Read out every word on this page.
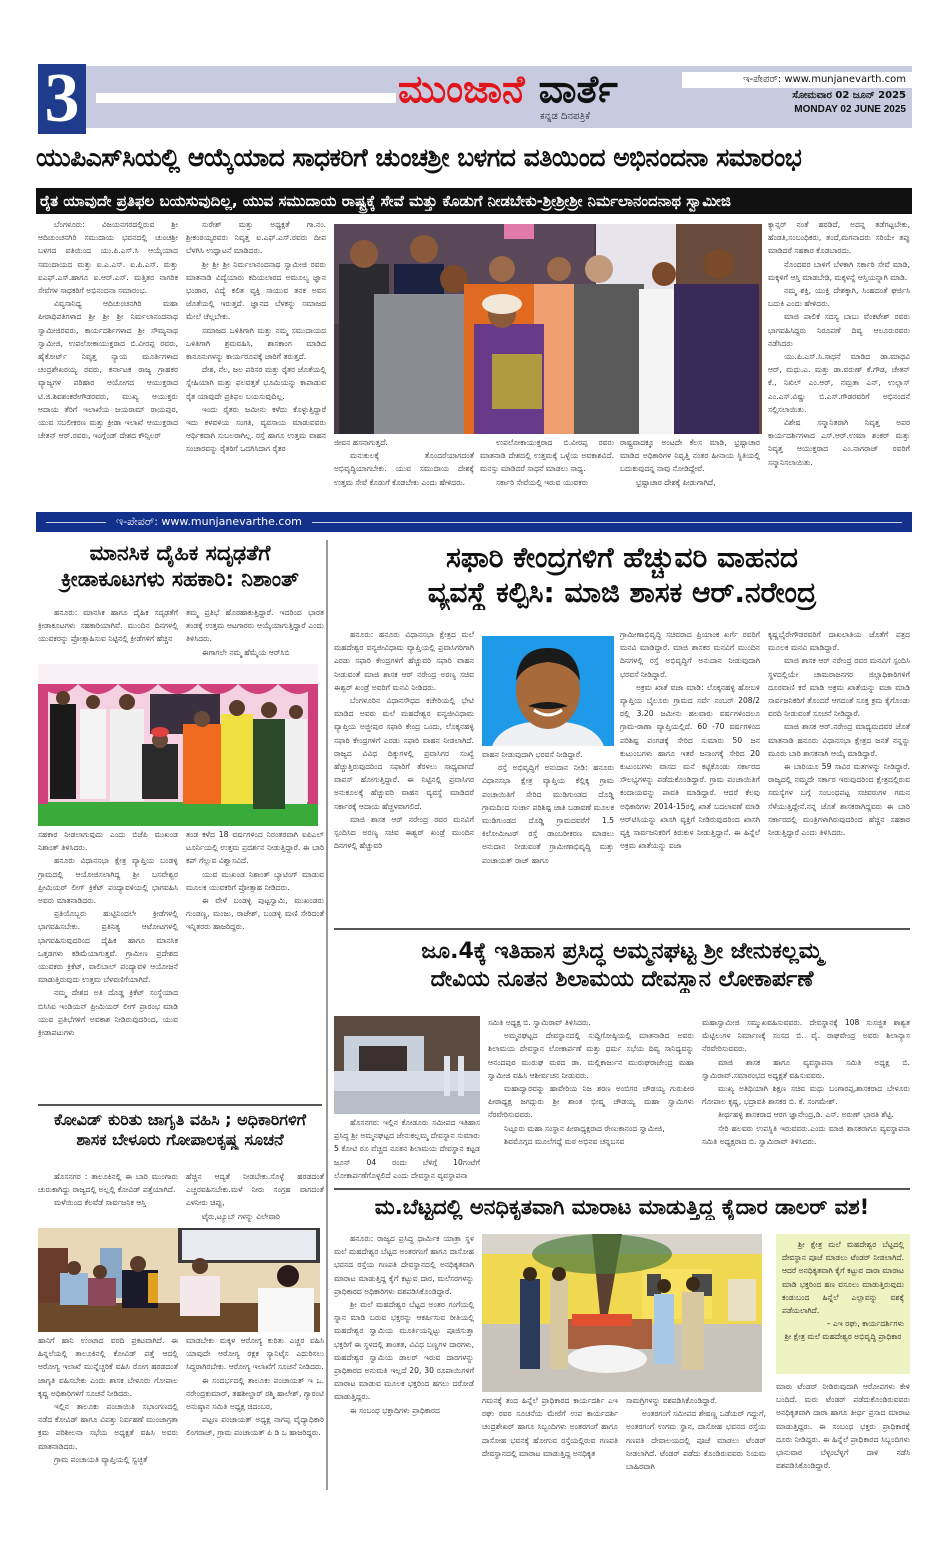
3	ಮುಂಜಾನೆ ವಾರ್ತೆ
ಕನ್ನಡ ದಿನಪತ್ರಿಕೆ
ಇ-ಪೇಪರ್: www.munjanevarth.com
ಸೋಮವಾರ 02 ಜೂನ್ 2025
MONDAY 02 JUNE 2025
ಯುಪಿಎಸ್‌ಸಿಯಲ್ಲಿ ಆಯ್ಕೆಯಾದ ಸಾಧಕರಿಗೆ ಚುಂಚಶ್ರೀ ಬಳಗದ ವತಿಯಿಂದ ಅಭಿನಂದನಾ ಸಮಾರಂಭ
ರೈತ ಯಾವುದೇ ಪ್ರತಿಫಲ ಬಯಸುವುದಿಲ್ಲ, ಯುವ ಸಮುದಾಯ ರಾಷ್ಟ್ರಕ್ಕೆ ಸೇವೆ ಮತ್ತು ಕೊಡುಗೆ ನೀಡಬೇಕು-ಶ್ರೀಶ್ರೀಶ್ರೀ ನಿರ್ಮಲಾನಂದನಾಥ ಸ್ವಾಮೀಜಿ

ಬೆಂಗಳೂರು: ವಿಜಯನಗರದಲ್ಲಿರುವ ಶ್ರೀ ಆದಿಚುಂಚನಗಿರಿ ಸಮುದಾಯ ಭವನದಲ್ಲಿ ಚುಂಚಶ್ರೀ ಬಳಗದ ವತಿಯಿಂದ ಯು.ಪಿ.ಎಸ್.ಸಿ ಆಯ್ಕೆಯಾದ ಸಮುದಾಯದ ಮತ್ತು ಐ.ಎ.ಎಸ್. ಐ.ಪಿ.ಎಸ್. ಮತ್ತು ಐಎಫ್.ಎಸ್.ಹಾಗೂ ಐ.ಆರ್.ಎಸ್. ಮತ್ತಿತರ ನಾಗರಿಕ ಸೇವೆಗಳ ಸಾಧಕರಿಗೆ ಅಭಿನಂದನಾ ಸಮಾರಂಭ.

ವಿವ್ಯಸಾನಿಧ್ಯ ಆದಿಚುಂಚನಗಿರಿ ಮಹಾ ಪೀಠಾಧಿಪತಿಗಳಾದ ಶ್ರೀ ಶ್ರೀ ಶ್ರೀ ನಿರ್ಮಲಾನಂದನಾಥ ಸ್ವಾಮೀಜಿರವರು, ಕಾರ್ಯದರ್ಶಿಗಳಾದ ಶ್ರೀ ಸೌಮ್ಯನಾಥ ಸ್ವಾಮೀಜಿ, ಉಪಲೋಕಾಯುಕ್ತರಾದ ಬಿ.ವೀರಪ್ಪ ರವರು, ಹೈಕೋರ್ಟ್ ನಿವೃತ್ತ ನ್ಯಾಯ ಮೂರ್ತಿಗಳಾದ ಚಂದ್ರಶೇಖರಯ್ಯ ರವರು, ಕರ್ನಾಟಕ ರಾಜ್ಯ ಗ್ರಾಹಕರ ವ್ಯಾಜ್ಯಗಳ ಪರಿಹಾರ ಆಯೋಗದ ಆಯುಕ್ತರಾದ ಟಿ.ಜಿ.ಶಿವಶಂಕರೇಗೌಡರವರು, ಮುಖ್ಯ ಆಯುಕ್ತರು ಆದಾಯ ತೆರಿಗೆ ಇಲಾಖೆಯ ಜಯರಾಮ್ ರಾಯಪುರ, ಯುವ ಸಬಲೀಕರಣ ಮತ್ತು ಕ್ರೀಡಾ ಇಲಾಖೆ ಆಯುಕ್ತರಾದ ಚೇತನ್ ಆರ್.ರವರು, ಇಂಗ್ಲೆಂಡ್ ದೇಶದ ಕೌನ್ಸಿಲರ್

ಸುರೇಶ್ ಮತ್ತು ಅಧ್ಯಕ್ಷತೆ ಗಾ.ನಂ. ಶ್ರೀಕಂಠಯ್ಯರವರು ನಿವೃತ್ತ ಐ.ಎಫ್.ಎಸ್.ರವರು ದೀಪ ಬೆಳಗಿಸಿ ಉದ್ಘಾಟನೆ ಮಾಡಿದರು.

ಶ್ರೀ ಶ್ರೀ ಶ್ರೀ ನಿರ್ಮಲಾನಂದನಾಥ ಸ್ವಾಮೀಜಿ ರವರು ಮಾತನಾಡಿ ವಿದ್ಯೆಯಾರು ಕದಿಯಲಾರದ ಅಮೂಲ್ಯ ಜ್ಞಾನ ಭಂಡಾರ, ವಿದ್ಯೆ ಕಲಿತ ವ್ಯಕ್ತಿ ಸಾಯುವ ತನಕ ಅವನ ಜೊತೆಯಲ್ಲಿ ಇರುತ್ತದೆ. ಜ್ಞಾನದ ಬೆಳಕನ್ನು ಸಮಾಜದ ಮೇಲೆ ಚೆಲ್ಲಬೇಕು.

ಸಮಾಜದ ಒಳಿತಿಗಾಗಿ ಮತ್ತು ನಮ್ಮ ಸಮುದಾಯದ ಒಳಿತಿಗಾಗಿ ಶ್ರಮವಹಿಸಿ, ಶಾಸಕಾಂಗ ಮಾಡಿದ ಕಾನೂನುಗಳನ್ನು ಕಾರ್ಯರೂಪಕ್ಕೆ ಜಾರಿಗೆ ತರುತ್ತದೆ.

ದೇಶ, ನೆಲ, ಜಲ ಪರಿಸರ ಮತ್ತು ರೈತರ ಜೊತೆಯಲ್ಲಿ ಸ್ನೇಹಿಯಾಗಿ ಮತ್ತು ಫಲವತ್ತತೆ ಭೂಮಿಯನ್ನು ಕಾಪಾಡುವ ರೈತ ಯಾವುದೇ ಪ್ರತಿಫಲ ಬಯಸುವುದಿಲ್ಲ.

ಇಂದು ರೈತರು ಜಮೀನು ಕಳೆದು ಕೊಳ್ಳುತ್ತಿದ್ದಾರೆ ಇದು ಕಳವಳಿಯ ಸಂಗತಿ, ವ್ಯವಸಾಯ ಮಾಡುವವರು ಆರ್ಥಿಕವಾಗಿ ಸುಬಲರಾಗಿಲ್ಲ. ರಸ್ತೆ ಹಾಗೂ ಉತ್ತಮ ವಾಹನ ಸಂಚಾರವನ್ನು ರೈತರಿಗೆ ಒದಗಿಸಿದಾಗ ರೈತರ

ಜೀವನ ಹಸನಾಗುತ್ತದೆ.

ಮನುಕುಲಕ್ಕೆ ತೊಂದರೆಯಾಗದಂತೆ ಅಭಿವೃದ್ಧಿಯಾಗಬೇಕು. ಯುವ ಸಮುದಾಯ ದೇಶಕ್ಕೆ ಉತ್ತಮ ಸೇವೆ ಕೊಡುಗೆ ಕೊಡಬೇಕು ಎಂದು ಹೇಳಿದರು.

ಉಪಲೋಕಾಯುಕ್ತರಾದ ಬಿ.ವೀರಪ್ಪ ರವರು ಮಾತನಾಡಿ ದೇಶದಲ್ಲಿ ಉತ್ತಮಕ್ಕೆ ಒಳ್ಳೆಯ ಅವಕಾಶವಿದೆ. ಮನಸ್ಸು ಮಾಡಿದರೆ ಸಾಧನೆ ಮಾಡಲು ಸಾಧ್ಯ.

ಸರ್ಕಾರಿ ಸೇವೆಯಲ್ಲಿ ಇರುವ ಯುವಕರು

ರಾಷ್ಟ್ರವಾದಕ್ಕೂ ಅಂಟದೇ ಕೆಲಸ ಮಾಡಿ, ಭ್ರಷ್ಟಾಚಾರ ಮಾಡಿದ ಅಧಿಕಾರಿಗಳ ನಿವೃತ್ತಿ ನಂತರ ಹೀನಾಯ ಸ್ಥಿತಿಯಲ್ಲಿ ಬದುಕುವುದನ್ನ ನಾವು ನೋಡಿದ್ದೇವೆ.

ಭ್ರಷ್ಟಾಚಾರ ದೇಶಕ್ಕೆ ಪೀಡುಗಾಗಿದೆ,

ಕ್ಯಾನ್ಸರ್ ನಂತೆ ಹರಡಿದೆ, ಅದನ್ನ ತಡೆಗಟ್ಟಬೇಕು, ಹೆಂಡತಿ,ಸಂಬಂಧಿಕರು, ತಂದೆ,ಮಗನಾದರು ಸರಿಯೇ ತಪ್ಪು ಮಾಡಿದರೆ ಸಹಕಾರ ಕೊಡಬಾರದು.

ನೊಂದವರ ಬಾಳಿಗೆ ಬೆಳಕಾಗಿ ಸರ್ಕಾರಿ ಸೇವೆ ಮಾಡಿ, ಮಕ್ಕಳಿಗೆ ಆಸ್ತಿ ಮಾಡಬೇಡಿ, ಮಕ್ಕಳನ್ನೆ ಆಸ್ತಿಯನ್ನಾಗಿ ಮಾಡಿ.

ನಮ್ಮ ಶಕ್ತಿ, ಯುಕ್ತಿ ದೇಶಕ್ಕಾಗಿ, ಸಿಂಹದಂತೆ ಘರ್ಜಿಸಿ ಬದುಕಿ ಎಂದು ಹೇಳಿದರು.

ಮಾಜಿ ಪಾಲಿಕೆ ಸದಸ್ಯ ಬಾಬು ವೆಂಕಟೇಶ್ ರವರು ಭಾಗವಹಿಸಿದ್ದರು ನಿರೂಪಣೆ ದಿವ್ಯ ಆಲೂರುರವರು ನಡೆಸಿದರು

ಯು.ಪಿ.ಎಸ್.ಸಿ.ಸಾಧನೆ ಮಾಡಿದ ಡಾ.ಮಾಧವಿ ಆರ್, ಮಧು.ಎ. ಮತ್ತು ಡಾ.ವರುಣ್ ಕೆ.ಗೌಡ, ಚೇತನ್ ಕೆ., ನಿಖಿಲ್ ಎಂ.ಆರ್, ನಮ್ರತಾ ಎನ್, ಉಲ್ಲಾಸ್ ಎಂ.ಎಸ್.ವಿಷ್ಣು ಬಿ.ಎಸ್.ಗೌಡರವರಿಗೆ ಅಭಿನಂದನೆ ಸಲ್ಲಿಸಲಾಯಿತು.

ವಿಶೇಷ ಸನ್ಮಾನಿತರಾಗಿ ನಿವೃತ್ತ ಅಪರ ಕಾರ್ಯದರ್ಶಿಗಳಾದ ಎಸ್.ಆರ್.ಉಮಾ ಶಂಕರ್ ಮತ್ತು ನಿವೃತ್ತ ಆಯುಕ್ತರಾದ ಎಂ.ನಾಗರಾಜ್ ರವರಿಗೆ ಸನ್ಮಾನಿಸಲಾಯಿತು.

ಇ-ಪೇಪರ್: www.munjanevarthe.com
ಮಾನಸಿಕ ದೈಹಿಕ ಸದೃಢತೆಗೆ
ಕ್ರೀಡಾಕೂಟಗಳು ಸಹಕಾರಿ: ನಿಶಾಂತ್

ಹನೂರು: ಮಾನಸಿಕ ಹಾಗೂ ದೈಹಿಕ ಸದೃಢತೆಗೆ ಕ್ರೀಡಾಕೂಟಗಳು ಸಹಕಾರಿಯಾಗಿವೆ. ಮುಂದಿನ ದಿನಗಳಲ್ಲಿ ಯುವಕರನ್ನು ಪ್ರೋತ್ಸಾಹಿಸುವ ನಿಟ್ಟಿನಲ್ಲಿ ಕ್ರೀಡೆಗಳಿಗೆ ಹೆಚ್ಚಿನ

ತಮ್ಮ ಪ್ರತಿಭೆ ಹೊರಹಾಕುತ್ತಿದ್ದಾರೆ. ಇದರಿಂದ ಭಾರತ ತಂಡಕ್ಕೆ ಉತ್ತಮ ಆಟಗಾರರು ಆಯ್ಕೆಯಾಗುತ್ತಿದ್ದಾರೆ ಎಂದು ತಿಳಿಸಿದರು.

ಈಗಾಗಲೇ ನಮ್ಮ ಹೆಮ್ಮೆಯ ಆರ್‌ಸಿಬಿ

ಸಹಕಾರ ನೀಡಲಾಗುವುದು ಎಂದು ಬಿಜೆಪಿ ಮುಖಂಡ ನಿಶಾಂತ್ ತಿಳಿಸಿದರು.

ಹನೂರು ವಿಧಾನಸಭಾ ಕ್ಷೇತ್ರ ವ್ಯಾಪ್ತಿಯ ಬಂಡಳ್ಳಿ ಗ್ರಾಮದಲ್ಲಿ ಆಯೋಜಿಸಲಾಗಿದ್ದ ಶ್ರೀ ಬಸವೇಶ್ವರ ಪ್ರೀಮಿಯರ್ ಲೀಗ್ ಕ್ರಿಕೆಟ್ ಪಂದ್ಯಾವಳಿಯಲ್ಲಿ ಭಾಗವಹಿಸಿ ಅವರು ಮಾತನಾಡಿದರು.

ಪ್ರತಿಯೊಬ್ಬರು ಹುಟ್ಟಿನಿಂದಲೇ ಕ್ರೀಡೆಗಳಲ್ಲಿ ಭಾಗವಹಿಸಬೇಕು. ಪ್ರತಿನಿತ್ಯ ಆಟೋಟಗಳಲ್ಲಿ ಭಾಗವಹಿಸುವುದರಿಂದ ದೈಹಿಕ ಹಾಗೂ ಮಾನಸಿಕ ಒತ್ತಡಗಳು ಕಡಿಮೆಯಾಗುತ್ತವೆ. ಗ್ರಾಮೀಣ ಪ್ರದೇಶದ ಯುವಕರು ಕ್ರಿಕೆಟ್, ವಾಲಿಬಾಲ್ ಪಂದ್ಯಾವಳಿ ಆಯೋಜನೆ ಮಾಡುತ್ತಿರುವುದು ಉತ್ತಮ ಬೆಳವಣಿಗೆಯಾಗಿದೆ.

ನಮ್ಮ ದೇಶದ ಅತಿ ದೊಡ್ಡ ಕ್ರಿಕೆಟ್ ಸಂಸ್ಥೆಯಾದ ಬಿಸಿಸಿಐ ಇಂಡಿಯನ್ ಪ್ರೀಮಿಯರ್ ಲೀಗ್ ಪ್ರಾರಂಭ ಮಾಡಿ ಯುವ ಪ್ರತಿಭೆಗಳಿಗೆ ಅವಕಾಶ ನೀಡಿರುವುದರಿಂದ, ಯುವ ಕ್ರೀಡಾಪಟುಗಳು

ತಂಡ ಕಳೆದ 18 ವರ್ಷಗಳಿಂದ ನಿರಂತರವಾಗಿ ಐಪಿಎಲ್ ಟೂರ್ನಿಯಲ್ಲಿ ಉತ್ತಮ ಪ್ರದರ್ಶನ ನೀಡುತ್ತಿದ್ದಾರೆ. ಈ ಬಾರಿ ಕಪ್ ಗೆಲ್ಲುವ ವಿಶ್ವಾಸವಿದೆ.

ಯುವ ಮುಖಂಡ ನಿಶಾಂತ್ ಬ್ಯಾಟಿಂಗ್ ಮಾಡುವ ಮೂಲಕ ಯುವಕರಿಗೆ ಪ್ರೋತ್ಸಾಹ ನೀಡಿದರು.

ಈ ವೇಳೆ ಬಂಡಳ್ಳಿ ಪುಟ್ಟಸ್ವಾಮಿ, ಮುಖಂಡರು ಗುಂಡಣ್ಣ, ಮಂಜು, ರಾಜೇಶ್, ಬಂಡಳ್ಳಿ ಮಣಿ ಸೇರಿದಂತೆ ಇನ್ನಿತರರು ಹಾಜರಿದ್ದರು.

ಕೋವಿಡ್ ಕುರಿತು ಜಾಗೃತಿ ವಹಿಸಿ ; ಅಧಿಕಾರಿಗಳಿಗೆ
ಶಾಸಕ ಬೇಳೂರು ಗೋಪಾಲಕೃಷ್ಣ ಸೂಚನೆ

ಹೊಸನಗರ : ತಾಲೂಕಿನಲ್ಲಿ ಈ ಬಾರಿ ಮುಂಗಾರು ಚುರುಕಾಗಿದ್ದು ರಾಜ್ಯದಲ್ಲಿ ಅಲ್ಲಲ್ಲಿ ಕೋವಿಡ್ ಪತ್ತೆಯಾಗಿದೆ.

ಮಳೆಯಿಂದ ಕೆಲವೆಡೆ ಸಾರ್ವಜನಿಕ ಆಸ್ತಿ

ಹೆಚ್ಚಿನ ಆದ್ಯತೆ ನೀಡಬೇಕು.ಸೊಳ್ಳೆ ಹರಡದಂತೆ ಎಚ್ಚರವಹಿಸಬೇಕು.ಮಳೆ ನೀರು ಸಂಗ್ರಹ ವಾಗದಂತೆ ಎಳನೀರು ಚಿಪ್ಪು,

ಟೈರು,ಟ್ಯೂಬ್ ಗಳನ್ನು ವಿಲೇವಾರಿ

ಹಾನಿಗೆ ಹಾನಿ ಉಂಟಾದ ವರದಿ ಪ್ರಕಟವಾಗಿದೆ. ಈ ಹಿನ್ನಲೆಯಲ್ಲಿ ತಾಲೂಕಿನಲ್ಲಿ ಕೋವಿಡ್ ಪತ್ತೆ ಆದಲ್ಲಿ ಆರೋಗ್ಯ ಇಲಾಖೆ ಮುನ್ನೆಚ್ಚರಿಕೆ ವಹಿಸಿ ರೋಗ ಹರಡದಂತೆ ಜಾಗೃತಿ ವಹಿಸಬೇಕು ಎಂದು ಶಾಸಕ ಬೇಳೂರು ಗೋಪಾಲ ಕೃಷ್ಣ ಅಧಿಕಾರಿಗಳಿಗೆ ಸೂಚನೆ ನೀಡಿದರು.

ಇಲ್ಲಿನ ತಾಲೂಕು ಪಂಚಾಯಿತಿ ಸಭಾಂಗಣದಲ್ಲಿ ನಡೆದ ಕೋವಿಡ್ ಹಾಗೂ ವಿಪತ್ತು ನಿರ್ವಹಣೆ ಮುಂಜಾಗ್ರತಾ ಕ್ರಮ ಪರಿಶೀಲನಾ ಸಭೆಯ ಅಧ್ಯಕ್ಷತೆ ವಹಿಸಿ ಅವರು ಮಾತನಾಡಿದರು.

ಗ್ರಾಮ ಪಂಚಾಯತಿ ವ್ಯಾಪ್ತಿಯಲ್ಲಿ ಸ್ವಚ್ಛತೆ

ಮಾಡಬೇಕು ಮಕ್ಕಳ ಆರೋಗ್ಯ ಕುರಿತು ಎಚ್ಚರ ವಹಿಸಿ ಯಾವುದೇ ಆರೋಗ್ಯ ರಕ್ಷಕ ಸ್ಯಾನಿಟೈಸ ಎದುರಿಸಲು ಸಿದ್ಧರಾಗಿರಬೇಕು. ಆರೋಗ್ಯ ಇಲಾಖೆಗೆ ಸೂಚನೆ ನೀಡಿದರು.

ಈ ಸಂದರ್ಭದಲ್ಲಿ ತಾಲೂಕು ಪಂಚಾಯತ್ ಇ ಒ. ನರೇಂದ್ರಕುಮಾರ್, ತಹಶೀಲ್ದಾರ್ ರಶ್ಮಿ ಹಾಲೇಶ್, ಗ್ಯಾರಂಟಿ ಅನುಷ್ಠಾನ ಸಮಿತಿ ಅಧ್ಯಕ್ಷ ಚಿದಂಬರ,

ಪಟ್ಟಣ ಪಂಚಾಯತ್ ಅಧ್ಯಕ್ಷ ನಾಗಪ್ಪ ವೈದ್ಯಾಧಿಕಾರಿ ಲಿಂಗರಾಜ್, ಗ್ರಾಮ ಪಂಚಾಯತ್ ಪಿ ಡಿ ಒ ಹಾಜರಿದ್ದರು.

ಸಫಾರಿ ಕೇಂದ್ರಗಳಿಗೆ ಹೆಚ್ಚುವರಿ ವಾಹನದ
ವ್ಯವಸ್ಥೆ ಕಲ್ಪಿಸಿ: ಮಾಜಿ ಶಾಸಕ ಆರ್.ನರೇಂದ್ರ

ಹನೂರು: ಹನೂರು ವಿಧಾನಸಭಾ ಕ್ಷೇತ್ರದ ಮಲೆ ಮಹದೇಶ್ವರ ವನ್ಯಜೀವಿಧಾಮ ವ್ಯಾಪ್ತಿಯಲ್ಲಿ ಪ್ರವಾಸಿಗರಿಗಾಗಿ ಎರಡು ಸಫಾರಿ ಕೇಂದ್ರಗಳಿಗೆ ಹೆಚ್ಚುವರಿ ಸಫಾರಿ ವಾಹನ ನೀಡುವಂತೆ ಮಾಜಿ ಶಾಸಕ ಆರ್ ನರೇಂದ್ರ ಅರಣ್ಯ ಸಚಿವ ಈಶ್ವರ್ ಖಂಡ್ರೆ ಅವರಿಗೆ ಮನವಿ ನೀಡಿದರು.

ಬೆಂಗಳೂರಿನ ವಿಧಾನಸೌಧದ ಕಚೇರಿಯಲ್ಲಿ ಭೇಟಿ ಮಾಡಿದ ಅವರು ಮಲೆ ಮಹದೇಶ್ವರ ವನ್ಯಜೀವಿಧಾಮ ವ್ಯಾಪ್ತಿಯ ಅಜ್ಜೀಪುರ ಸಫಾರಿ ಕೇಂದ್ರ ಒಂದು, ಲೊಕ್ಕನಹಳ್ಳಿ ಸಫಾರಿ ಕೇಂದ್ರಗಳಿಗೆ ಎರಡು ಸಫಾರಿ ವಾಹನ ನೀಡಲಾಗಿದೆ. ರಾಜ್ಯದ ವಿವಿಧ ದಿಕ್ಕುಗಳಲ್ಲಿ ಪ್ರವಾಸಿಗರ ಸಂಖ್ಯೆ ಹೆಚ್ಚುತ್ತಿರುವುದರಿಂದ ಸಫಾರಿಗೆ ತೆರಳಲು ಸಾಧ್ಯವಾಗದೆ ವಾಪಸ್ ಹೋಗುತ್ತಿದ್ದಾರೆ. ಈ ನಿಟ್ಟಿನಲ್ಲಿ ಪ್ರವಾಸಿಗರ ಅನುಕೂಲಕ್ಕೆ ಹೆಚ್ಚುವರಿ ವಾಹನ ವ್ಯವಸ್ಥೆ ಮಾಡಿದರೆ ಸರ್ಕಾರಕ್ಕೆ ಆದಾಯ ಹೆಚ್ಚಳವಾಗಲಿದೆ.

ಮಾಜಿ ಶಾಸಕ ಆರ್ ನರೇಂದ್ರ ರವರ ಮನವಿಗೆ ಸ್ಪಂದಿಸಿದ ಅರಣ್ಯ ಸಚಿವ ಈಶ್ವರ್ ಖಂಡ್ರೆ ಮುಂದಿನ ದಿನಗಳಲ್ಲಿ ಹೆಚ್ಚುವರಿ

ವಾಹನ ನೀಡುವುದಾಗಿ ಭರವಸೆ ನೀಡಿದ್ದಾರೆ.

ರಸ್ತೆ ಅಭಿವೃದ್ಧಿಗೆ ಅನುದಾನ ನೀಡಿ: ಹನೂರು ವಿಧಾನಸಭಾ ಕ್ಷೇತ್ರ ವ್ಯಾಪ್ತಿಯ ಕೆಲ್ಲಿಕ್ಕ ಗ್ರಾಮ ಪಂಚಾಯಿತಿಗೆ ಸೇರಿದ ಮುಡಿಗುಂಡದ ದೊಡ್ಡಿ ಗ್ರಾಮದಿಂದ ಸುರ್ಚಾ ಪರಿಶಿಷ್ಟ ಜಾತಿ ಬಡಾವಣೆ ಮೂಲಕ ಮುಡಿಗುಂಡದ ದೊಡ್ಡಿ ಗ್ರಾಮದವರೆಗೆ 1.5 ಕಿಲೋಮೀಟರ್ ರಸ್ತೆ ಡಾಂಬರೀಕರಣ ಮಾಡಲು ಅನುದಾನ ನೀಡುವಂತೆ ಗ್ರಾಮೀಣಾಭಿವೃದ್ಧಿ ಮತ್ತು ಪಂಚಾಯತ್ ರಾಜ್ ಹಾಗೂ

ಗ್ರಾಮೀಣಾಭಿವೃದ್ಧಿ ಸಚಿವರಾದ ಪ್ರಿಯಾಂಕ ಖರ್ಗೆ ರವರಿಗೆ ಮನವಿ ಮಾಡಿದ್ದಾರೆ. ಮಾಜಿ ಶಾಸಕರ ಮನವಿಗೆ ಮುಂದಿನ ದಿನಗಳಲ್ಲಿ ರಸ್ತೆ ಅಭಿವೃದ್ಧಿಗೆ ಅನುದಾನ ನೀಡುವುದಾಗಿ ಭರವಸೆ ನೀಡಿದ್ದಾರೆ.

ಅಕ್ರಮ ಖಾತೆ ವಜಾ ಮಾಡಿ: ಲೊಕ್ಕನಹಳ್ಳಿ ಹೋಬಳಿ ವ್ಯಾಪ್ತಿಯ ಬೈಲೂರು ಗ್ರಾಮದ ಸರ್ವೆ ನಂಬರ್ 208/2 ರಲ್ಲಿ 3.20 ಜಮೀನು ಹಲವಾರು ವರ್ಷಗಳಿಂದಲೂ ಗ್ರಾಮ-ಠಾಣಾ ವ್ಯಾಪ್ತಿಯಲ್ಲಿದೆ. 60 -70 ವರ್ಷಗಳಿಂದ ಪರಿಶಿಷ್ಟ ಪಂಗಡಕ್ಕೆ ಸೇರಿದ ಸುಮಾರು 50 ಜನ ಕುಟುಂಬಗಳು ಹಾಗೂ ಇತರೆ ಜನಾಂಗಕ್ಕೆ ಸೇರಿದ 20 ಕುಟುಂಬಗಳು ವಾಸದ ಮನೆ ಕಟ್ಟಿಕೊಂಡು ಸರ್ಕಾರದ ಸೌಲಭ್ಯಗಳನ್ನು ಪಡೆದುಕೊಂಡಿದ್ದಾರೆ. ಗ್ರಾಮ ಪಂಚಾಯಿತಿಗೆ ಕಂದಾಯವನ್ನು ಪಾವತಿ ಮಾಡಿದ್ದಾರೆ. ಆದರೆ ಕೆಲವು ಅಧಿಕಾರಿಗಳು 2014-15ರಲ್ಲಿ ಖಾತೆ ಬದಲಾವಣೆ ಮಾಡಿ ಆರ್‌ಟಿಸಿಯನ್ನು ಖಾಸಗಿ ವ್ಯಕ್ತಿಗೆ ನೀಡಿರುವುದರಿಂದ ಖಾಸಗಿ ವ್ಯಕ್ತಿ ಸಾರ್ವಜನಿಕರಿಗೆ ಕಿರುಕುಳ ನೀಡುತ್ತಿದ್ದಾನೆ. ಈ ಹಿನ್ನೆಲೆ ಅಕ್ರಮ ಖಾತೆಯನ್ನು ವಜಾ

ಕೃಷ್ಣಭೈರೇಗೌಡರವರಿಗೆ ದಾಖಲಾತಿಯ ಜೊತೆಗೆ ಪತ್ರದ ಮೂಲಕ ಮನವಿ ಮಾಡಿದ್ದಾರೆ.

ಮಾಜಿ ಶಾಸಕ ಆರ್ ನರೇಂದ್ರ ರವರ ಮನವಿಗೆ ಸ್ಪಂದಿಸಿ ಸ್ಥಳದಲ್ಲಿಯೇ ಚಾಮರಾಜನಗರ ಜಿಲ್ಲಾಧಿಕಾರಿಗಳಿಗೆ ದೂರವಾಣಿ ಕರೆ ಮಾಡಿ ಅಕ್ರಮ ಖಾತೆಯನ್ನು ವಜಾ ಮಾಡಿ ಸಾರ್ವಜನಿಕರಿಗೆ ತೊಂದರೆ ಆಗದಂತೆ ಸೂಕ್ತ ಕ್ರಮ ಕೈಗೊಂಡು ವರದಿ ನೀಡುವಂತೆ ಸೂಚನೆ ನೀಡಿದ್ದಾರೆ.

ಮಾಜಿ ಶಾಸಕ ಆರ್.ನರೇಂದ್ರ ಮಾಧ್ಯಮದವರ ಜೊತೆ ಮಾತನಾಡಿ ಹನೂರು ವಿಧಾನಸಭಾ ಕ್ಷೇತ್ರದ ಜನತೆ ನನ್ನನ್ನು ಮೂರು ಬಾರಿ ಶಾಸಕನಾಗಿ ಆಯ್ಕೆ ಮಾಡಿದ್ದಾರೆ.

ಈ ಬಾರಿಯೂ 59 ಸಾವಿರ ಮತಗಳನ್ನು ನೀಡಿದ್ದಾರೆ. ರಾಜ್ಯದಲ್ಲಿ ನಮ್ಮದೇ ಸರ್ಕಾರ ಇರುವುದರಿಂದ ಕ್ಷೇತ್ರದಲ್ಲಿರುವ ಸಮಸ್ಯೆಗಳ ಬಗ್ಗೆ ಸಂಬಂಧಪಟ್ಟ ಸಚಿವರುಗಳ ಗಮನ ಸೆಳೆಯುತ್ತಿದ್ದೇನೆ.ನನ್ನ ಜೊತೆ ಶಾಸಕರಾಗಿದ್ದವರು ಈ ಬಾರಿ ಸರ್ಕಾರದಲ್ಲಿ ಮಂತ್ರಿಗಳಾಗಿರುವುದರಿಂದ ಹೆಚ್ಚಿನ ಸಹಕಾರ ನೀಡುತ್ತಿದ್ದಾರೆ ಎಂದು ತಿಳಿಸಿದರು.

ಜೂ.4ಕ್ಕೆ ಇತಿಹಾಸ ಪ್ರಸಿದ್ಧ ಅಮ್ಮನಘಟ್ಟ ಶ್ರೀ ಜೇನುಕಲ್ಲಮ್ಮ
ದೇವಿಯ ನೂತನ ಶಿಲಾಮಯ ದೇವಸ್ಥಾನ ಲೋಕಾರ್ಪಣೆ

ಹೊಸನಗರ: ಇಲ್ಲಿನ ಕೋಡೂರು ಸಮೀಪದ ಇತಿಹಾಸ ಪ್ರಸಿದ್ಧ ಶ್ರೀ ಅಮ್ಮನಘಟ್ಟದ ಜೇನುಕಲ್ಲಮ್ಮ ದೇವಸ್ಥಾನ ಸುಮಾರು 5 ಕೋಟಿ ರೂ ವೆಚ್ಚದ ನೂತನ ಶಿಲಾಮಯ ದೇವಸ್ಥಾನ ಕಟ್ಟಡ ಜೂನ್ 04 ರಂದು ಬೆಳಿಗ್ಗೆ 10ಗಂಟೆಗೆ ಲೋಕಾರ್ಪಣೆಗೊಳ್ಳಲಿದೆ ಎಂದು ದೇವಸ್ಥಾನ ವ್ಯವಸ್ಥಾಪನಾ

ಸಮಿತಿ ಅಧ್ಯಕ್ಷ ಬಿ. ಸ್ವಾಮಿರಾವ್ ತಿಳಿಸಿದರು.

ಅಮ್ಮನಘಟ್ಟದ ದೇವಸ್ಥಾನದಲ್ಲಿ ಸುದ್ದಿಗೋಷ್ಠಿಯಲ್ಲಿ ಮಾತನಾಡಿದ ಅವರು ಶಿಲಾಮಯ ದೇವಸ್ಥಾನ ಲೋಕಾರ್ಪಣೆ ಮತ್ತು ಧರ್ಮ ಸಭೆಯ ದಿವ್ಯ ಸಾನಿಧ್ಯವನ್ನು ಆನಂದಪುರ ಮುರುಘ ಮಠದ ಡಾ. ಮಲ್ಲಿಕಾರ್ಜುನ ಮುರುಘರಾಜೇಂದ್ರ ಮಹಾ ಸ್ವಾಮೀಜಿ ವಹಿಸಿ ಆಶೀರ್ವಚನ ನೀಡುವರು.

ಮಹಾದ್ವಾರವನ್ನು ಹಾವೇರಿಯ ನಿಜ ಶರಣ ಅಂಬಿಗರ ಚೌಡಯ್ಯ ಗುರುಪೀಠ ಪೀಠಾಧ್ಯಕ್ಷ ಜಗದ್ಗುರು ಶ್ರೀ ಶಾಂತ ಭೀಷ್ಮ ಚೌಡಯ್ಯ ಮಹಾ ಸ್ವಾಮಿಗಳು ನೆರವೇರಿಸುವವರು.

ನಿಟ್ಟೂರು ಮಹಾ ಸಂಸ್ಥಾನ ಪೀಠಾಧ್ಯಕ್ಷರಾದ ರೇಣುಕಾನಂದ ಸ್ವಾಮೀಜಿ,

ಶಿವಮೊಗ್ಗದ ಮೂಲೆಗದ್ದೆ ಮಠ ಅಭಿನವ ಚನ್ನಬಸವ

ಮಹಾಸ್ವಾಮೀಜಿ ಸಮ್ಮುಖವಹಿಸುವವರು. ದೇವಸ್ಥಾನಕ್ಕೆ 108 ಸುಸಜ್ಜಿತ ಶಾಶ್ವತ ಮೆಟ್ಟಿಲುಗಳ ನಿರ್ಮಾಣಕ್ಕೆ ಸಂಸದ ಬಿ. ವೈ. ರಾಘವೇಂದ್ರ ಅವರು ಶಿಲಾನ್ಯಾಸ ನೆರವೇರಿಸುವವರು.

ಮಾಜಿ ಶಾಸಕ ಹಾಗೂ ವ್ಯವಸ್ಥಾಪನಾ ಸಮಿತಿ ಅಧ್ಯಕ್ಷ ಬಿ. ಸ್ವಾಮಿರಾವ್.ಸಮಾರಂಭದ ಅಧ್ಯಕ್ಷತೆ ವಹಿಸುವವರು.

ಮುಖ್ಯ ಅತಿಥಿಯಾಗಿ ಶಿಕ್ಷಣ ಸಚಿವ ಮಧು ಬಂಗಾರಪ್ಪ,ಶಾಸಕರಾದ ಬೇಳೂರು ಗೋಪಾಲ ಕೃಷ್ಣ, ಭದ್ರಾವತಿ ಶಾಸಕರ ಬಿ. ಕೆ. ಸಂಗಮೇಶ್.

ತೀರ್ಥಹಳ್ಳಿ ಶಾಸಕರಾದ ಆರಗ ಜ್ಞಾನೇಂದ್ರ,ಡಿ. ಎಸ್. ಅರುಣ್ ಭಾರತಿ ಶೆಟ್ಟಿ.

ಸೇರಿ ಹಲವರು ಉಪಸ್ಥಿತಿ ಇರುವವರು.ಎಂದು ಮಾಜಿ ಶಾಸಕರಾಗೂ ವ್ಯವಸ್ಥಾಪನಾ ಸಮಿತಿ ಅಧ್ಯಕ್ಷರಾದ ಬಿ. ಸ್ವಾಮಿರಾವ್ ತಿಳಿಸಿದರು.

ಮ.ಬೆಟ್ಟದಲ್ಲಿ ಅನಧಿಕೃತವಾಗಿ ಮಾರಾಟ ಮಾಡುತ್ತಿದ್ದ ಕೈದಾರ ಡಾಲರ್ ವಶ!

ಹನೂರು: ರಾಜ್ಯದ ಪ್ರಸಿದ್ಧ ಧಾರ್ಮಿಕ ಯಾತ್ರಾ ಸ್ಥಳ ಮಲೆ ಮಹದೇಶ್ವರ ಬೆಟ್ಟದ ಅಂತರಗಂಗೆ ಹಾಗೂ ದಾಸೋಹ ಭವನದ ರಸ್ತೆಯ ಗಣಪತಿ ದೇವಸ್ಥಾನದಲ್ಲಿ ಅನಧಿಕೃತವಾಗಿ ಮಾರಾಟ ಮಾಡುತ್ತಿದ್ದ ಕೈಗೆ ಕಟ್ಟುವ ದಾರ, ಮಲೆಸರಗಳನ್ನು ಪ್ರಾಧಿಕಾರದ ಅಧಿಕಾರಿಗಳು ವಶಪಡಿಸಿಕೊಂಡಿದ್ದಾರೆ.

ಶ್ರೀ ಮಲೆ ಮಹದೇಶ್ವರ ಬೆಟ್ಟದ ಅಂತರ ಗಂಗೆಯಲ್ಲಿ ಸ್ನಾನ ಮಾಡಿ ಬರುವ ಭಕ್ತರನ್ನು ಆಕರ್ಷಿಸುವ ರೀತಿಯಲ್ಲಿ ಮಹದೇಶ್ವರ ಸ್ವಾಮಿಯ ಮೂರ್ತಿಯನ್ನಿಟ್ಟು ಪೂಜಿಸುತ್ತಾ ಭಕ್ತರಿಗೆ ಈ ಸ್ಥಳದಲ್ಲಿ ಶಾಂತತ, ವಿವಿಧ ಬಣ್ಣಗಳ ದಾರಗಳು, ಮಹದೇಶ್ವರ ಸ್ವಾಮಿಯ ಡಾಲರ್ ಇರುವ ದಾರಗಳನ್ನು ಪ್ರಾಧಿಕಾರದ ಅನುಮತಿ ಇಲ್ಲದೆ 20, 30 ರೂಪಾಯಿಗಳಿಗೆ ಮಾರಾಟ ಮಾಡುವ ಮೂಲಕ ಭಕ್ತರಿಂದ ಹಗಲು ದರೋಡೆ ಮಾಡುತ್ತಿದ್ದರು.

ಈ ಸಂಬಂಧ ಭಕ್ತಾದಿಗಳು ಪ್ರಾಧಿಕಾರದ

ಗಮನಕ್ಕೆ ತಂದ ಹಿನ್ನೆಲೆ ಪ್ರಾಧಿಕಾರದ ಕಾರ್ಯದರ್ಶಿ ಎಇ ರಘು ರವರ ಸೂಚನೆಯ ಮೇರೆಗೆ ಉಪ ಕಾರ್ಯದರ್ಶಿ ಚಂದ್ರಶೇಖರ್ ಹಾಗೂ ಸಿಬ್ಬಂದಿಗಳು ಅಂತರಗಂಗೆ ಹಾಗೂ ದಾಸೋಹ ಭವನಕ್ಕೆ ಹೋಗುವ ರಸ್ತೆಯಲ್ಲಿರುವ ಗಣಪತಿ ದೇವಸ್ಥಾನದಲ್ಲಿ ಮಾರಾಟ ಮಾಡುತ್ತಿದ್ದ ಅನಧಿಕೃತ

ಸಾಮಗ್ರಿಗಳನ್ನು ವಶಪಡಿಸಿಕೊಂಡಿದ್ದಾರೆ.

ಅಂತರಗಂಗೆ ಸಮೀಪದ ಶೇಷಣ್ಣ ಒಡೆಯರ್ ಗದ್ದುಗೆ, ಅಂತರಗಂಗೆ ಉಗಮ ಸ್ಥಾನ, ದಾಸೋಹ ಭವನದ ರಸ್ತೆಯ ಗಣಪತಿ ದೇವಾಲಯದಲ್ಲಿ ಪೂಜೆ ಮಾಡಲು ಟೆಂಡರ್ ನೀಡಲಾಗಿದೆ. ಟೆಂಡರ್ ಪಡೆದು ಕೊಂಡಿರುವವರು ನಿಯಮ ಬಾಹಿರವಾಗಿ

ಶ್ರೀ ಕ್ಷೇತ್ರ ಮಲೆ ಮಹದೇಶ್ವರ ಬೆಟ್ಟದಲ್ಲಿ ದೇವಸ್ಥಾನ ಪೂಜೆ ಮಾಡಲು ಟೆಂಡರ್ ನೀಡಲಾಗಿದೆ. ಆದರೆ ಅನಧಿಕೃತವಾಗಿ ಕೈಗೆ ಕಟ್ಟುವ ದಾರಾ ಮಾರಾಟ ಮಾಡಿ ಭಕ್ತರಿಂದ ಹಣ ವಸೂಲು ಮಾಡುತ್ತಿರುವುದು ಕಂಡುಬಂದ ಹಿನ್ನೆಲೆ ಎಲ್ಲಾವನ್ನು ವಶಕ್ಕೆ ಪಡೆಯಲಾಗಿದೆ.

– ಎಇ ರಘು, ಕಾರ್ಯದರ್ಶಿಗಳು

ಶ್ರೀ ಕ್ಷೇತ್ರ ಮಲೆ ಮಹದೇಶ್ವರ ಅಭಿವೃದ್ಧಿ ಪ್ರಾಧಿಕಾರ

ಮಾರು ಟೆಂಡರ್ ನೀಡಿರುವುದಾಗಿ ಆರೋಪಗಳು ಕೇಳಿ ಬಂದಿದೆ. ಮರು ಟೆಂಡರ್ ಪಡೆದುಕೊಂಡಿರುವವರು ಅನಧಿಕೃತವಾಗಿ ದಾರಾ ಹಾಗೂ ತೀರ್ಥ ಪ್ರಸಾದ ಮಾರಾಟ ಮಾಡುತ್ತಿದ್ದರು. ಈ ಸಂಬಂಧ ಭಕ್ತರು ಪ್ರಾಧಿಕಾರಕ್ಕೆ ದೂರು ನೀಡಿದ್ದರು. ಈ ಹಿನ್ನೆಲೆ ಪ್ರಾಧಿಕಾರದ ಸಿಬ್ಬಂದಿಗಳು ಭಾನುವಾರ ಬೆಳ್ಳಂಬೆಳ್ಳಗೆ ದಾಳಿ ನಡೆಸಿ ವಶಪಡಿಸಿಕೊಂಡಿದ್ದಾರೆ.
